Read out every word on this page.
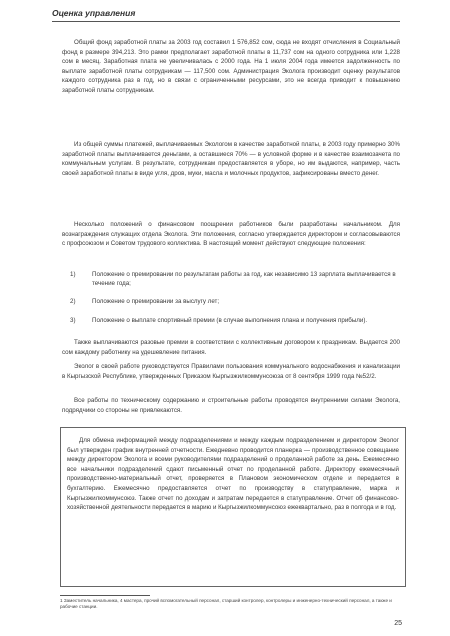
Оценка управления

Общий фонд заработной платы за 2003 год составил 1 576,852 сом, сюда не входят отчисления в Социальный фонд в размере 394,213. Это рамки предполагает заработной платы в 11,737 сом на одного сотрудника или 1,228 сом в месяц. Заработная плата не увеличивалась с 2000 года. На 1 июля 2004 года имеется задолженность по выплате заработной платы сотрудникам — 117,500 сом. Администрация Эколога производит оценку результатов каждого сотрудника раз в год, но в связи с ограниченными ресурсами, это не всегда приводит к повышению заработной платы сотрудникам.

Из общей суммы платежей, выплачиваемых Экологом в качестве заработной платы, в 2003 году примерно 30% заработной платы выплачивается деньгами, а оставшиеся 70% — в условной форме и в качестве взаимозачета по коммунальным услугам. В результате, сотрудникам предоставляется в уборе, но им выдаются, например, часть своей заработной платы в виде угля, дров, муки, масла и молочных продуктов, зафиксированы вместо денег.

Несколько положений о финансовом поощрении работников были разработаны начальником. Для вознаграждения служащих отдела Эколога. Эти положения, согласно утверждается директором и согласовываются с профсоюзом и Советом трудового коллектива. В настоящий момент действуют следующие положения:

1)	Положение о премировании по результатам работы за год, как независимо 13 зарплата выплачивается в течение года;
2)	Положение о премировании за выслугу лет;
3)	Положение о выплате спортивный премии (в случае выполнения плана и получения прибыли).

Также выплачиваются разовые премии в соответствии с коллективным договором к праздникам. Выдается 200 сом каждому работнику на удешевление питания.

Эколог в своей работе руководствуется Правилами пользования коммунального водоснабжения и канализации в Кыргызской Республике, утвержденных Приказом Кыргызжилкоммунсоюза от 8 сентября 1999 года №52/2.

Все работы по техническому содержанию и строительные работы проводятся внутренними силами Эколога, подрядчики со стороны не привлекаются.

Для обмена информацией между подразделениями и между каждым подразделением и директором Эколог был утвержден график внутренней отчетности. Ежедневно проводится планерка — производственное совещание между директором Эколога и всеми руководителями подразделений о проделанной работе за день. Ежемесячно все начальники подразделений сдают письменный отчет по проделанной работе. Директору ежемесячный производственно-материальный отчет, проверяется в Плановом экономическом отделе и передается в бухгалтерию. Ежемесячно предоставляется отчет по производству в статуправление, марка и Кыргызжилкоммунсоюз. Также отчет по доходам и затратам передается в статуправление. Отчет об финансово-хозяйственной деятельности передается в марию и Кыргызжилкоммунсоюз ежеквартально, раз в полгода и в год.

1 Заместитель начальника, 4 мастера, прочий вспомогательный персонал, старший контролер, контролеры и инженерно-технический персонал, а также и рабочие станции.
25
